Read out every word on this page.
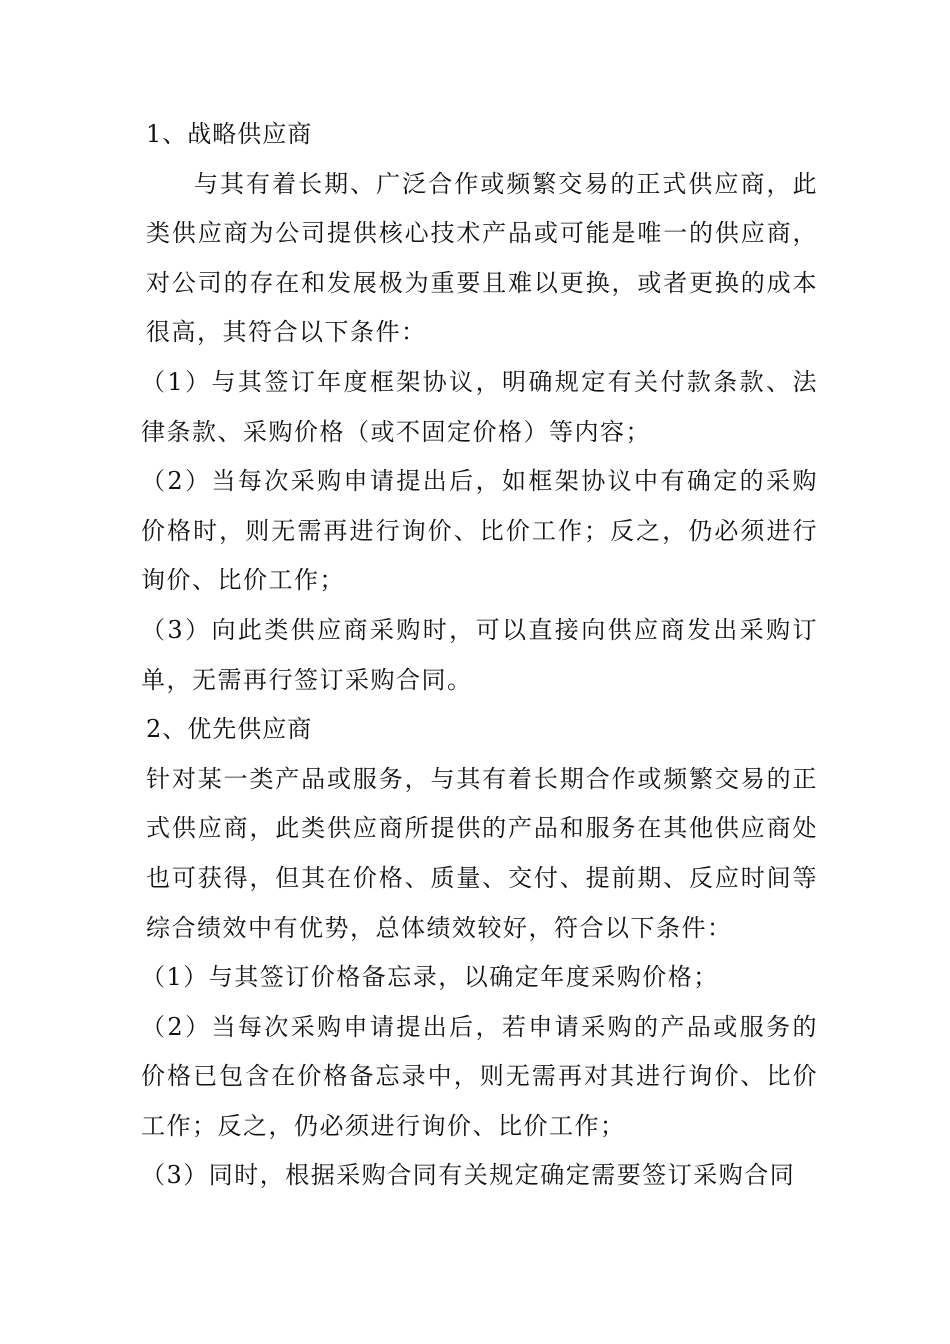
1、战略供应商

与其有着长期、广泛合作或频繁交易的正式供应商，此类供应商为公司提供核心技术产品或可能是唯一的供应商，对公司的存在和发展极为重要且难以更换，或者更换的成本很高，其符合以下条件：

（1）与其签订年度框架协议，明确规定有关付款条款、法律条款、采购价格（或不固定价格）等内容；

（2）当每次采购申请提出后，如框架协议中有确定的采购价格时，则无需再进行询价、比价工作；反之，仍必须进行询价、比价工作；

（3）向此类供应商采购时，可以直接向供应商发出采购订单，无需再行签订采购合同。

2、优先供应商

针对某一类产品或服务，与其有着长期合作或频繁交易的正式供应商，此类供应商所提供的产品和服务在其他供应商处也可获得，但其在价格、质量、交付、提前期、反应时间等综合绩效中有优势，总体绩效较好，符合以下条件：

（1）与其签订价格备忘录，以确定年度采购价格；

（2）当每次采购申请提出后，若申请采购的产品或服务的价格已包含在价格备忘录中，则无需再对其进行询价、比价工作；反之，仍必须进行询价、比价工作；

（3）同时，根据采购合同有关规定确定需要签订采购合同
